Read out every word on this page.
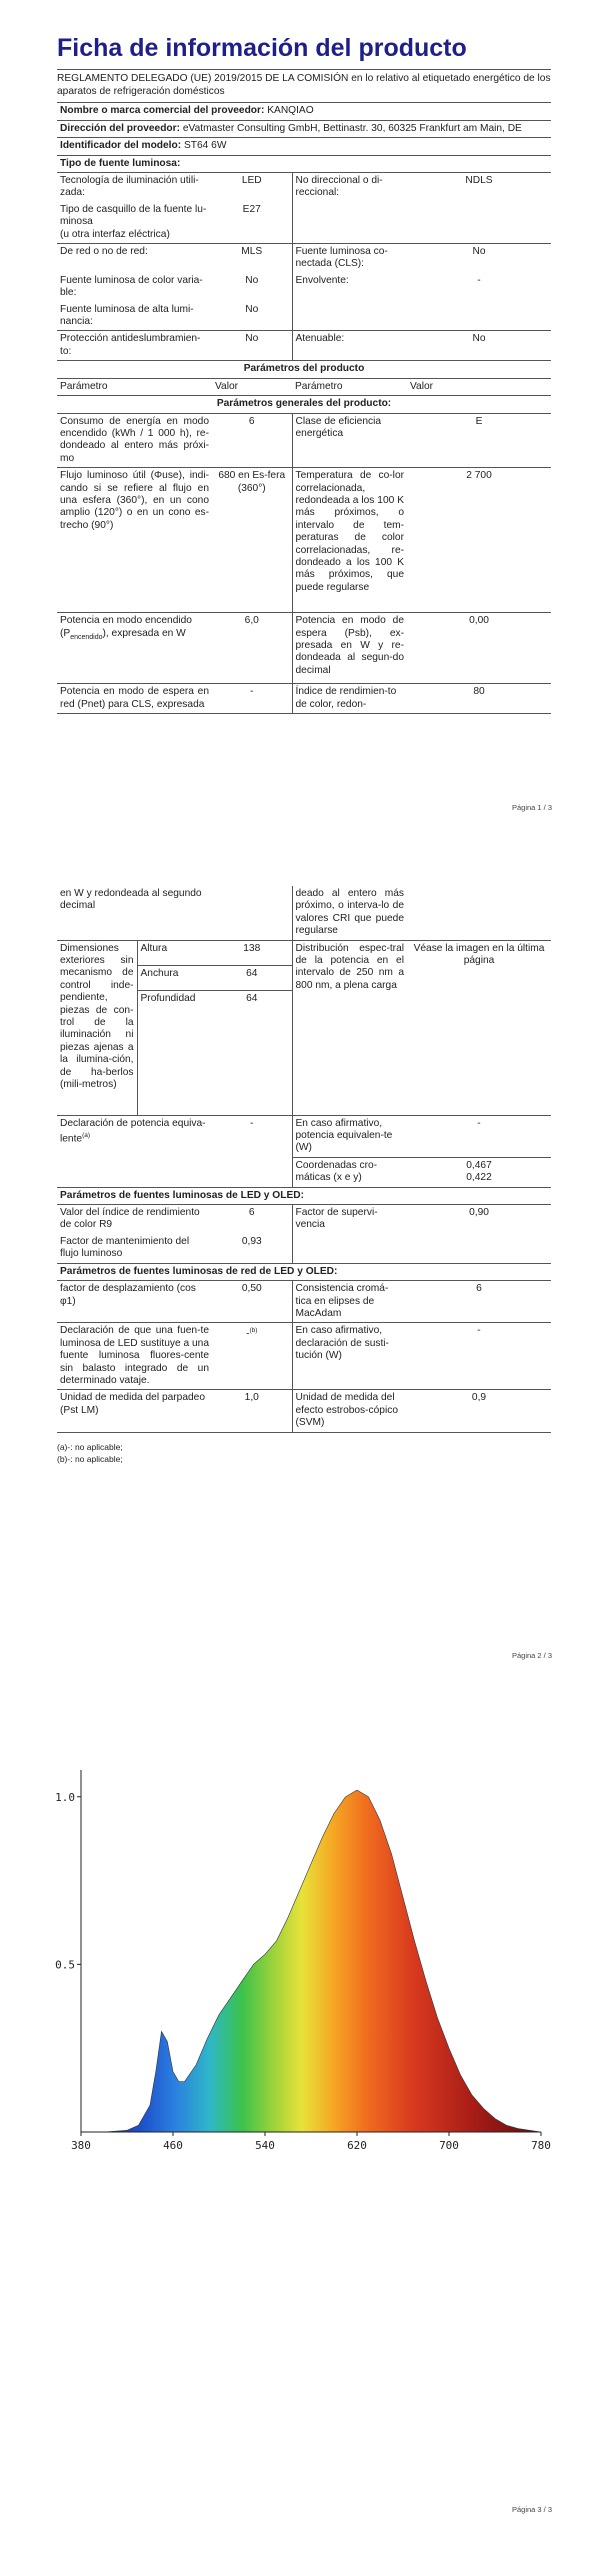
Ficha de información del producto
REGLAMENTO DELEGADO (UE) 2019/2015 DE LA COMISIÓN en lo relativo al etiquetado energético de los aparatos de refrigeración domésticos
Nombre o marca comercial del proveedor: KANQIAO
Dirección del proveedor: eVatmaster Consulting GmbH, Bettinastr. 30, 60325 Frankfurt am Main, DE
Identificador del modelo: ST64 6W
Tipo de fuente luminosa:
Tecnología de iluminación utili-zada:	LED	No direccional o di-reccional:	NDLS
Tipo de casquillo de la fuente lu-minosa
(u otra interfaz eléctrica)	E27		
De red o no de red:	MLS	Fuente luminosa co-nectada (CLS):	No
Fuente luminosa de color varia-ble:	No	Envolvente:	-
Fuente luminosa de alta lumi-nancia:	No		
Protección antideslumbramien-to:	No	Atenuable:	No
Parámetros del producto			
Parámetro	Valor	Parámetro	Valor
Parámetros generales del producto:			
Consumo de energía en modo encendido (kWh / 1 000 h), re-dondeado al entero más próxi-mo	6	Clase de eficiencia energética	E
Flujo luminoso útil (Φuse), indi-cando si se refiere al flujo en una esfera (360°), en un cono amplio (120°) o en un cono es-trecho (90°)	680 en Es-fera (360°)	Temperatura de co-lor correlacionada, redondeada a los 100 K más próximos, o intervalo de tem-peraturas de color correlacionadas, re-dondeado a los 100 K más próximos, que puede regularse	2 700
Potencia en modo encendido
$(P_{encendido})$, expresada en W	6,0	Potencia en modo de espera (Psb), ex-presada en W y re-dondeada al segun-do decimal	0,00
Potencia en modo de espera en red (Pnet) para CLS, expresada	-	Índice de rendimien-to de color, redon-	80
Página 1 / 3
en W y redondeada al segundo decimal			deado al entero más próximo, o interva-lo de valores CRI que puede regularse	
Dimensiones exteriores sin mecanismo de control inde-pendiente, piezas de con-trol de la iluminación ni piezas ajenas a la ilumina-ción, de ha-berlos (mili-metros)	Altura	138	Distribución espec-tral de la potencia en el intervalo de 250 nm a 800 nm, a plena carga	Véase la imagen en la última página
	Anchura	64		
	Profundidad	64		
Declaración de potencia equiva-lente$^{(a)}$		-	En caso afirmativo, potencia equivalen-te (W)	-
			Coordenadas cro-máticas (x e y)	0,467
0,422
Parámetros de fuentes luminosas de LED y OLED:				
Valor del índice de rendimiento de color R9		6	Factor de supervi-vencia	0,90
Factor de mantenimiento del flujo luminoso		0,93		
Parámetros de fuentes luminosas de red de LED y OLED:				
factor de desplazamiento (cos φ1)		0,50	Consistencia cromá-tica en elipses de MacAdam	6
Declaración de que una fuen-te luminosa de LED sustituye a una fuente luminosa fluores-cente sin balasto integrado de un determinado vataje.		-$^{(b)}$	En caso afirmativo, declaración de susti-tución (W)	-
Unidad de medida del parpadeo (Pst LM)		1,0	Unidad de medida del efecto estrobos-cópico (SVM)	0,9
(a)-: no aplicable;
(b)-: no aplicable;
Página 2 / 3
380	460	540	620	700	780
0.5
1.0
Página 3 / 3
